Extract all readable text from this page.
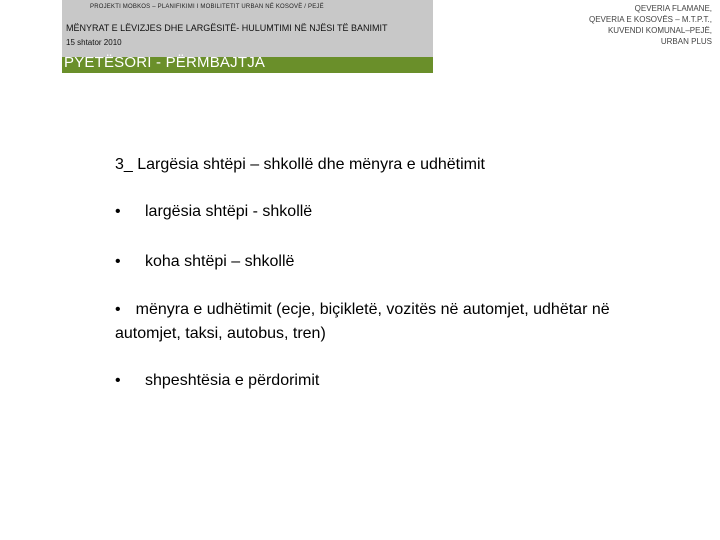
PROJEKTI MOBKOS – PLANIFIKIMI I MOBILITETIT URBAN NË KOSOVË / PEJË
MËNYRAT E LËVIZJES DHE LARGËSITË- HULUMTIMI NË NJËSI TË BANIMIT
15 shtator 2010
PYETËSORI - PËRMBAJTJA
QEVERIA FLAMANE,
QEVERIA E KOSOVËS – M.T.P.T.,
KUVENDI KOMUNAL–PEJË,
URBAN PLUS
3_ Largësia shtëpi – shkollë dhe mënyra e udhëtimit
• largësia shtëpi - shkollë
• koha shtëpi – shkollë
• mënyra e udhëtimit (ecje, biçikletë, vozitës në automjet, udhëtar në automjet, taksi, autobus, tren)
• shpeshtësia e përdorimit
